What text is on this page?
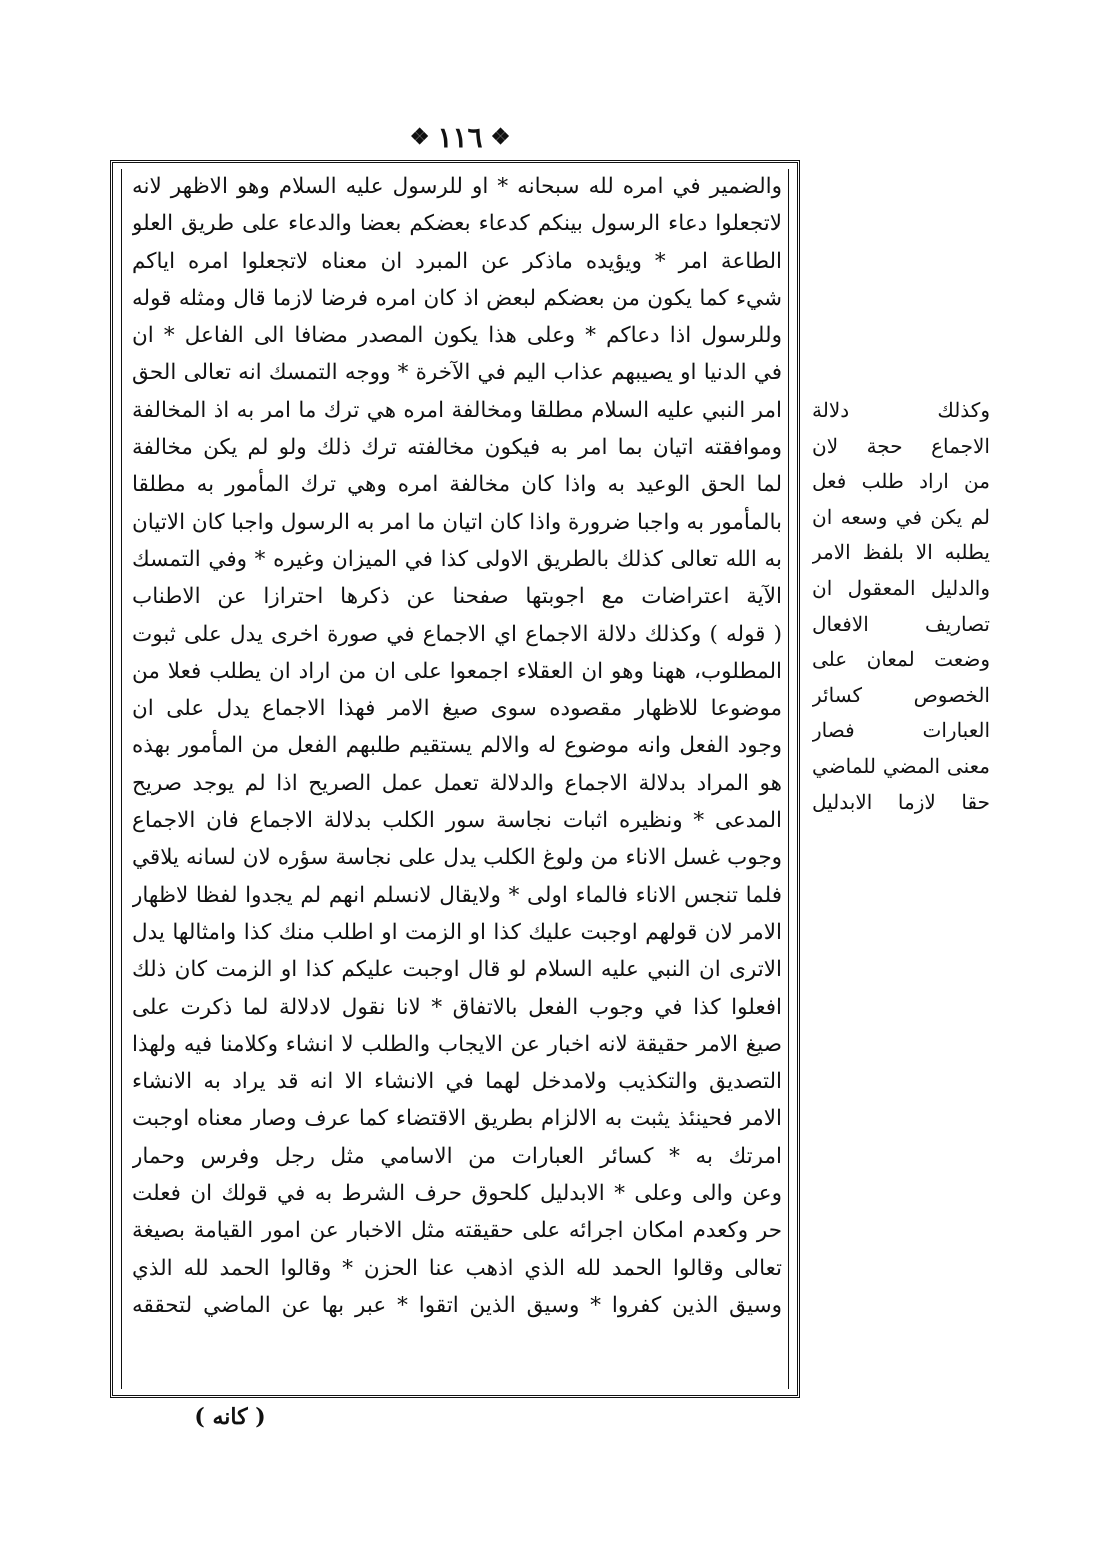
❖
١١٦
❖
والضمير في امره لله سبحانه * او للرسول عليه السلام وهو الاظهر لانه
لاتجعلوا دعاء الرسول بينكم كدعاء بعضكم بعضا والدعاء على طريق العلو
الطاعة امر * ويؤيده ماذكر عن المبرد ان معناه لاتجعلوا امره اياكم
شيء كما يكون من بعضكم لبعض اذ كان امره فرضا لازما قال ومثله قوله
وللرسول اذا دعاكم * وعلى هذا يكون المصدر مضافا الى الفاعل * ان
في الدنيا او يصيبهم عذاب اليم في الآخرة * ووجه التمسك انه تعالى الحق
امر النبي عليه السلام مطلقا ومخالفة امره هي ترك ما امر به اذ المخالفة
وموافقته اتيان بما امر به فيكون مخالفته ترك ذلك ولو لم يكن مخالفة
لما الحق الوعيد به واذا كان مخالفة امره وهي ترك المأمور به مطلقا
بالمأمور به واجبا ضرورة واذا كان اتيان ما امر به الرسول واجبا كان الاتيان
به الله تعالى كذلك بالطريق الاولى كذا في الميزان وغيره * وفي التمسك
الآية اعتراضات مع اجوبتها صفحنا عن ذكرها احترازا عن الاطناب
( قوله ) وكذلك دلالة الاجماع اي الاجماع في صورة اخرى يدل على ثبوت
المطلوب، ههنا وهو ان العقلاء اجمعوا على ان من اراد ان يطلب فعلا من
موضوعا للاظهار مقصوده سوى صيغ الامر فهذا الاجماع يدل على ان
وجود الفعل وانه موضوع له والالم يستقيم طلبهم الفعل من المأمور بهذه
هو المراد بدلالة الاجماع والدلالة تعمل عمل الصريح اذا لم يوجد صريح
المدعى * ونظيره اثبات نجاسة سور الكلب بدلالة الاجماع فان الاجماع
وجوب غسل الاناء من ولوغ الكلب يدل على نجاسة سؤره لان لسانه يلاقي
فلما تنجس الاناء فالماء اولى * ولايقال لانسلم انهم لم يجدوا لفظا لاظهار
الامر لان قولهم اوجبت عليك كذا او الزمت او اطلب منك كذا وامثالها يدل
الاترى ان النبي عليه السلام لو قال اوجبت عليكم كذا او الزمت كان ذلك
افعلوا كذا في وجوب الفعل بالاتفاق * لانا نقول لادلالة لما ذكرت على
صيغ الامر حقيقة لانه اخبار عن الايجاب والطلب لا انشاء وكلامنا فيه ولهذا
التصديق والتكذيب ولامدخل لهما في الانشاء الا انه قد يراد به الانشاء
الامر فحينئذ يثبت به الالزام بطريق الاقتضاء كما عرف وصار معناه اوجبت
امرتك به * كسائر العبارات من الاسامي مثل رجل وفرس وحمار
وعن والى وعلى * الابدليل كلحوق حرف الشرط به في قولك ان فعلت
حر وكعدم امكان اجرائه على حقيقته مثل الاخبار عن امور القيامة بصيغة
تعالى وقالوا الحمد لله الذي اذهب عنا الحزن * وقالوا الحمد لله الذي
وسيق الذين كفروا * وسيق الذين اتقوا * عبر بها عن الماضي لتحققه
وكذلك دلالة
الاجماع حجة لان
من اراد طلب فعل
لم يكن في وسعه ان
يطلبه الا بلفظ الامر
والدليل المعقول ان
تصاريف الافعال
وضعت لمعان على
الخصوص كسائر
العبارات فصار
معنى المضي للماضي
حقا لازما الابدليل
( كانه )
